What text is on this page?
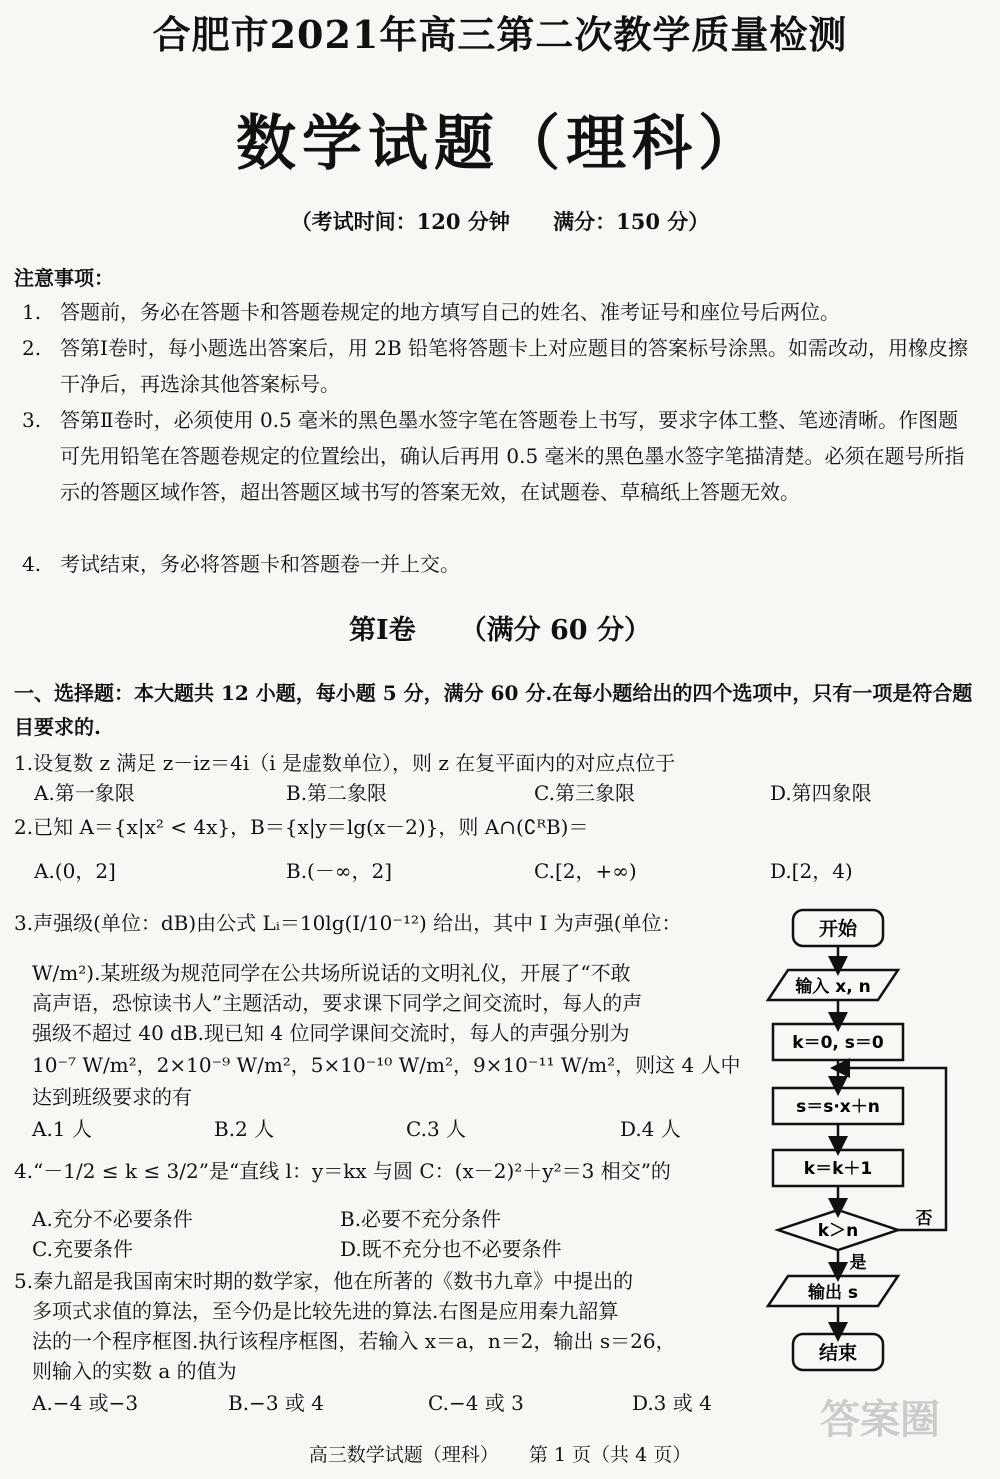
合肥市2021年高三第二次教学质量检测
数学试题（理科）
（考试时间：120 分钟 满分：150 分）
注意事项：
1. 答题前，务必在答题卡和答题卷规定的地方填写自己的姓名、准考证号和座位号后两位。
2. 答第Ⅰ卷时，每小题选出答案后，用 2B 铅笔将答题卡上对应题目的答案标号涂黑。如需改动，用橡皮擦干净后，再选涂其他答案标号。
3. 答第Ⅱ卷时，必须使用 0.5 毫米的黑色墨水签字笔在答题卷上书写，要求字体工整、笔迹清晰。作图题可先用铅笔在答题卷规定的位置绘出，确认后再用 0.5 毫米的黑色墨水签字笔描清楚。必须在题号所指示的答题区域作答，超出答题区域书写的答案无效，在试题卷、草稿纸上答题无效。
4. 考试结束，务必将答题卡和答题卷一并上交。
第Ⅰ卷 （满分 60 分）
一、选择题：本大题共 12 小题，每小题 5 分，满分 60 分.在每小题给出的四个选项中，只有一项是符合题目要求的.
1.设复数 z 满足 z－iz＝4i（i 是虚数单位），则 z 在复平面内的对应点位于
A.第一象限	B.第二象限	C.第三象限	D.第四象限
2.已知 A＝{x|x² < 4x}，B＝{x|y＝lg(x－2)}，则 A∩(∁ᴿB)＝
A.(0，2]	B.(－∞，2]	C.[2，+∞)	D.[2，4)
3.声强级(单位：dB)由公式 Lᵢ＝10lg(I/10⁻¹²) 给出，其中 I 为声强(单位：
W/m²).某班级为规范同学在公共场所说话的文明礼仪，开展了“不敢
高声语，恐惊读书人”主题活动，要求课下同学之间交流时，每人的声
强级不超过 40 dB.现已知 4 位同学课间交流时，每人的声强分别为
10⁻⁷ W/m²，2×10⁻⁹ W/m²，5×10⁻¹⁰ W/m²，9×10⁻¹¹ W/m²，则这 4 人中
达到班级要求的有
A.1 人	B.2 人	C.3 人	D.4 人
4.“－1/2 ≤ k ≤ 3/2”是“直线 l：y＝kx 与圆 C：(x－2)²＋y²＝3 相交”的
A.充分不必要条件	B.必要不充分条件
C.充要条件	D.既不充分也不必要条件
5.秦九韶是我国南宋时期的数学家，他在所著的《数书九章》中提出的
多项式求值的算法，至今仍是比较先进的算法.右图是应用秦九韶算
法的一个程序框图.执行该程序框图，若输入 x＝a，n＝2，输出 s＝26，
则输入的实数 a 的值为
A.−4 或−3	B.−3 或 4	C.−4 或 3	D.3 或 4
开始
输入 x, n
k＝0, s＝0
s＝s·x＋n
k＝k＋1
k＞n
否
是
输出 s
结束
答案圈
高三数学试题（理科） 第 1 页（共 4 页）
